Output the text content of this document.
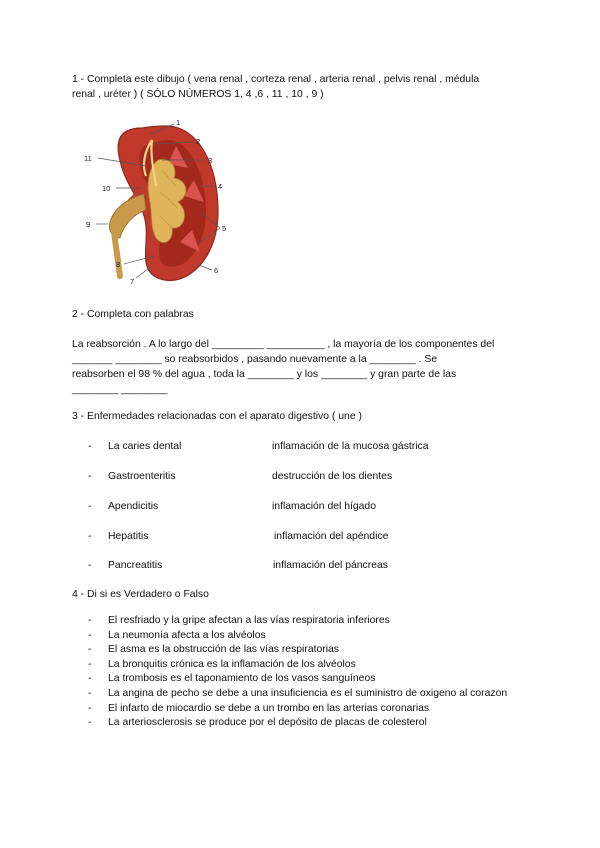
1 - Completa este dibujo ( vena renal , corteza renal , arteria renal , pelvis renal , médula
renal , uréter ) ( SÓLO NÚMEROS 1, 4 ,6 , 11 , 10 , 9 )
1
2
3
4
5
6
7
8
9
10
11
2 - Completa con palabras
La reabsorción . A lo largo del _________ __________ , la mayoría de los componentes del
_______ ________ so reabsorbidos , pasando nuevamente a la ________ . Se
reabsorben el 98 % del agua , toda la ________ y los ________ y gran parte de las
________ ________
3 - Enfermedades relacionadas con el aparato digestivo ( une )
-	La caries dental	inflamación de la mucosa gástrica
-	Gastroenteritis	destrucción de los dientes
-	Apendicitis	inflamación del hígado
-	Hepatitis	inflamación del apéndice
-	Pancreatitis	inflamación del páncreas
4 - Di si es Verdadero o Falso
- El resfriado y la gripe afectan a las vías respiratoria inferiores
- La neumonía afecta a los alvéolos
- El asma es la obstrucción de las vías respiratorias
- La bronquitis crónica es la inflamación de los alvéolos
- La trombosis es el taponamiento de los vasos sanguíneos
- La angina de pecho se debe a una insuficiencia es el suministro de oxigeno al corazon
- El infarto de miocardio se debe a un trombo en las arterias coronarias
- La arteriosclerosis se produce por el depósito de placas de colesterol
